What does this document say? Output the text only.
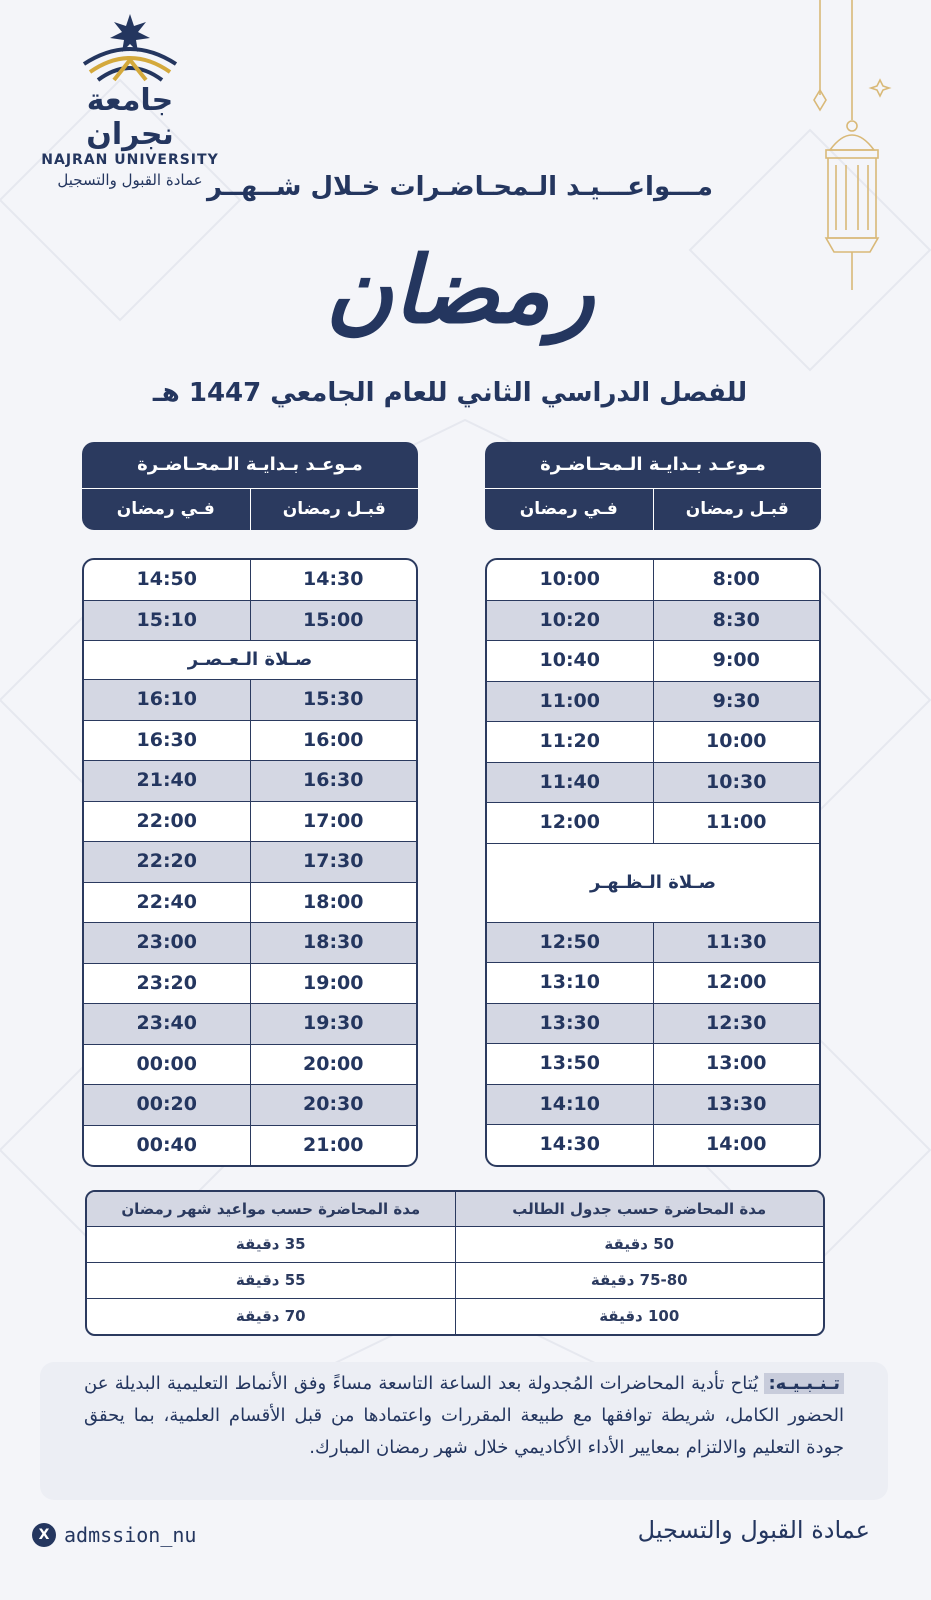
جامعة نجران
NAJRAN UNIVERSITY
عمادة القبول والتسجيل مـــواعـــيـد الـمحـاضـرات خـلال شــهــر
رمضان
للفصل الدراسي الثاني للعام الجامعي 1447 هـ
مـوعـد بـدايـة الـمحـاضـرة
فـي رمضان	قبـل رمضان
10:00	8:00
10:20	8:30
10:40	9:00
11:00	9:30
11:20	10:00
11:40	10:30
12:00	11:00
صـلاة الـظـهـر
12:50	11:30
13:10	12:00
13:30	12:30
13:50	13:00
14:10	13:30
14:30	14:00
مـوعـد بـدايـة الـمحـاضـرة
فـي رمضان	قبـل رمضان
14:50	14:30
15:10	15:00
صـلاة الـعـصـر
16:10	15:30
16:30	16:00
21:40	16:30
22:00	17:00
22:20	17:30
22:40	18:00
23:00	18:30
23:20	19:00
23:40	19:30
00:00	20:00
00:20	20:30
00:40	21:00
مدة المحاضرة حسب مواعيد شهر رمضان	مدة المحاضرة حسب جدول الطالب
35 دقيقة	50 دقيقة
55 دقيقة	75-80 دقيقة
70 دقيقة	100 دقيقة

تـنـبـيـه: يُتاح تأدية المحاضرات المُجدولة بعد الساعة التاسعة مساءً وفق الأنماط التعليمية البديلة عن الحضور الكامل، شريطة توافقها مع طبيعة المقررات واعتمادها من قبل الأقسام العلمية، بما يحقق جودة التعليم والالتزام بمعايير الأداء الأكاديمي خلال شهر رمضان المبارك.

X admssion_nu	عمادة القبول والتسجيل
